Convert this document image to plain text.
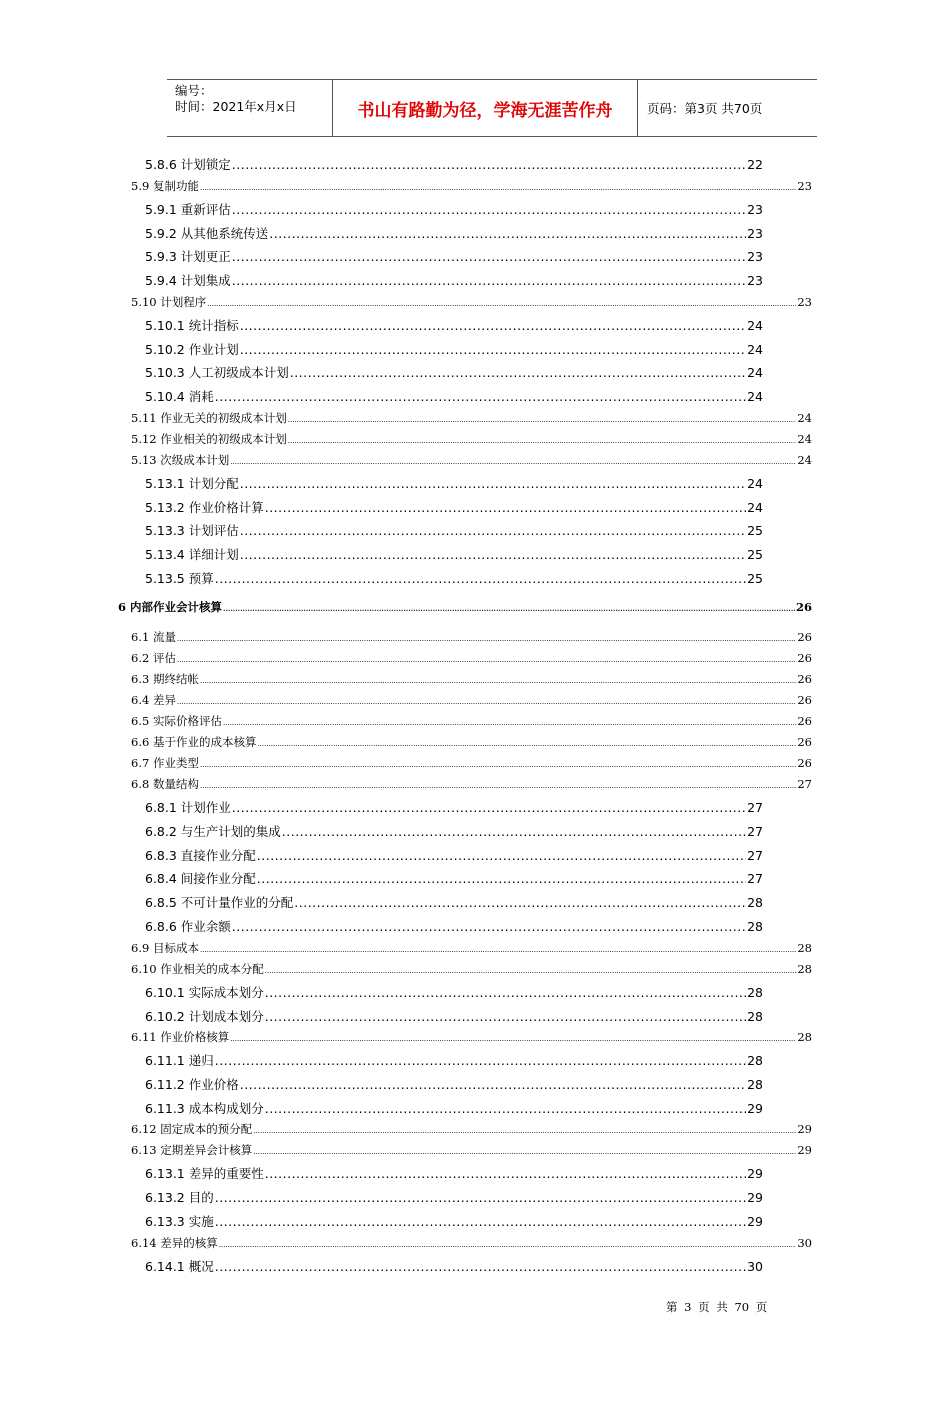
编号：
时间：2021年x月x日	书山有路勤为径，学海无涯苦作舟	页码：第3页 共70页
5.8.6 计划锁定 .....	22
5.9 复制功能 .....	23
5.9.1 重新评估 .....	23
5.9.2 从其他系统传送 .....	23
5.9.3 计划更正 .....	23
5.9.4 计划集成 .....	23
5.10 计划程序 .....	23
5.10.1 统计指标 .....	24
5.10.2 作业计划 .....	24
5.10.3 人工初级成本计划 .....	24
5.10.4 消耗 .....	24
5.11 作业无关的初级成本计划 .....	24
5.12 作业相关的初级成本计划 .....	24
5.13 次级成本计划 .....	24
5.13.1 计划分配 .....	24
5.13.2 作业价格计算 .....	24
5.13.3 计划评估 .....	25
5.13.4 详细计划 .....	25
5.13.5 预算 .....	25
6 内部作业会计核算 .....	26
6.1 流量 .....	26
6.2 评估 .....	26
6.3 期终结帐 .....	26
6.4 差异 .....	26
6.5 实际价格评估 .....	26
6.6 基于作业的成本核算 .....	26
6.7 作业类型 .....	26
6.8 数量结构 .....	27
6.8.1 计划作业 .....	27
6.8.2 与生产计划的集成 .....	27
6.8.3 直接作业分配 .....	27
6.8.4 间接作业分配 .....	27
6.8.5 不可计量作业的分配 .....	28
6.8.6 作业余额 .....	28
6.9 目标成本 .....	28
6.10 作业相关的成本分配 .....	28
6.10.1 实际成本划分 .....	28
6.10.2 计划成本划分 .....	28
6.11 作业价格核算 .....	28
6.11.1 递归 .....	28
6.11.2 作业价格 .....	28
6.11.3 成本构成划分 .....	29
6.12 固定成本的预分配 .....	29
6.13 定期差异会计核算 .....	29
6.13.1 差异的重要性 .....	29
6.13.2 目的 .....	29
6.13.3 实施 .....	29
6.14 差异的核算 .....	30
6.14.1 概况 .....	30
第 3 页 共 70 页
